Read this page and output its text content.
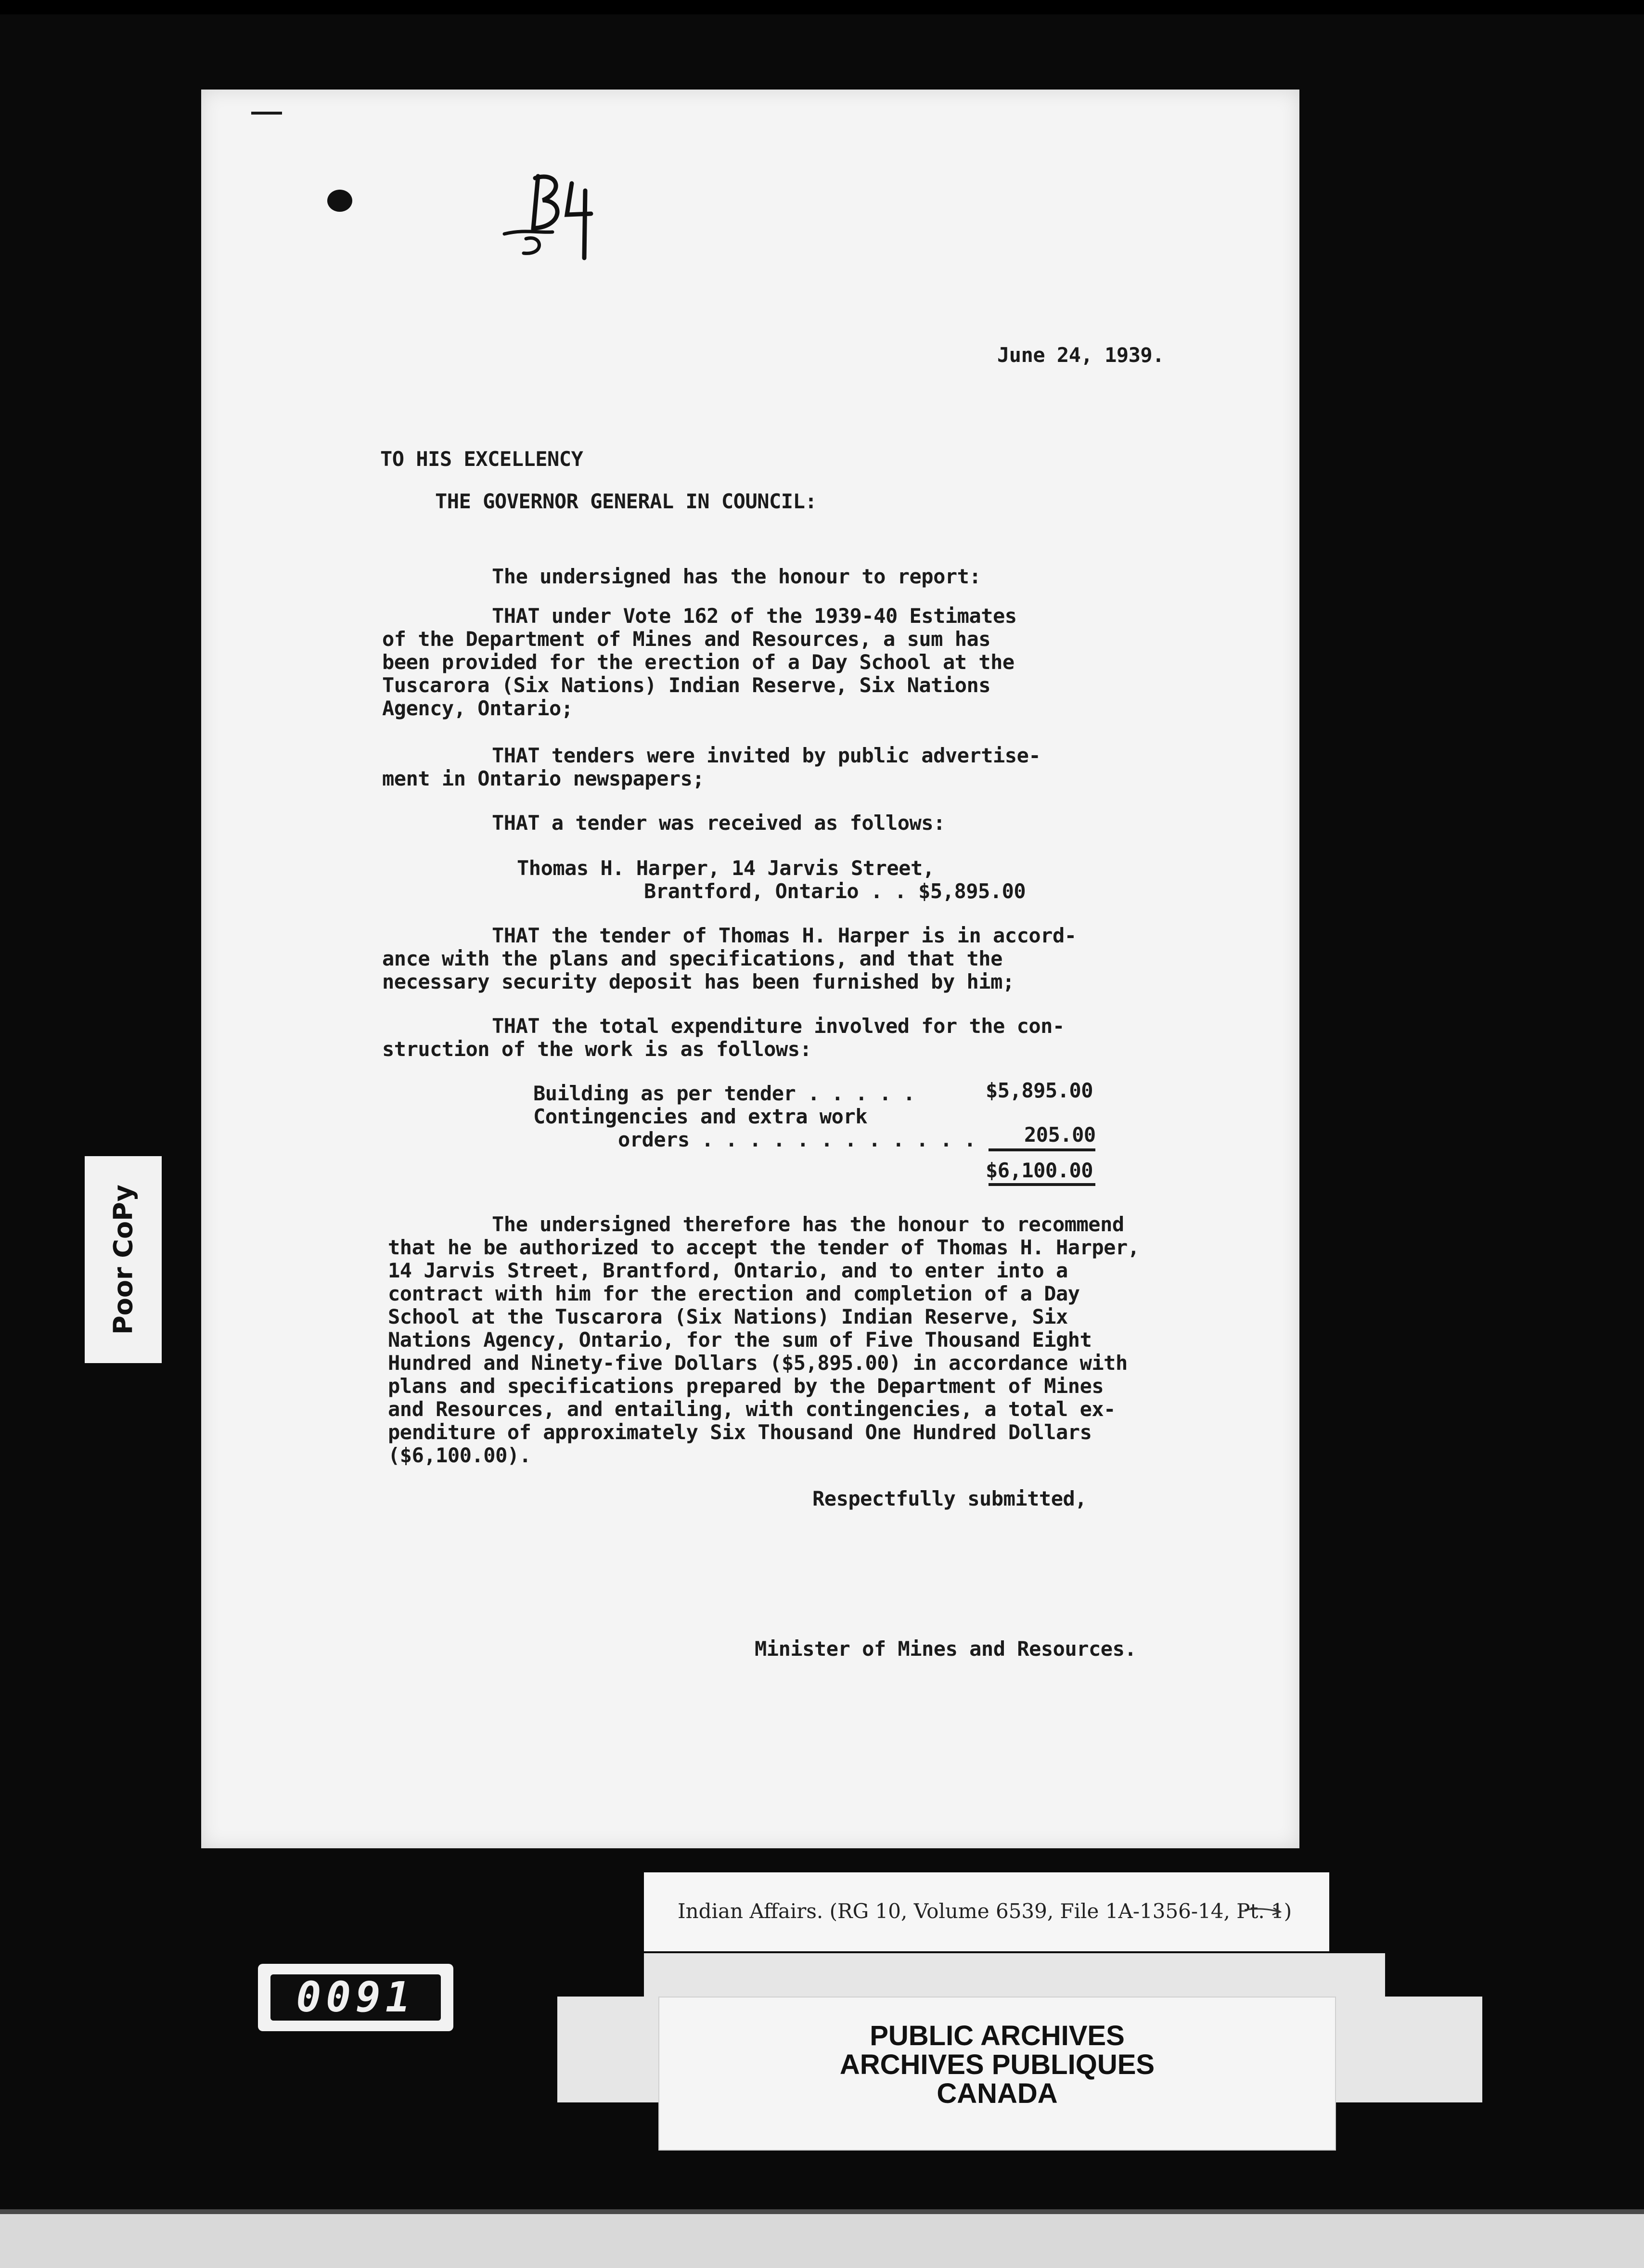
June 24, 1939.

TO HIS EXCELLENCY

THE GOVERNOR GENERAL IN COUNCIL:

The undersigned has the honour to report:

THAT under Vote 162 of the 1939-40 Estimates

of the Department of Mines and Resources, a sum has

been provided for the erection of a Day School at the

Tuscarora (Six Nations) Indian Reserve, Six Nations

Agency, Ontario;

THAT tenders were invited by public advertise-

ment in Ontario newspapers;

THAT a tender was received as follows:

Thomas H. Harper, 14 Jarvis Street,

Brantford, Ontario . . $5,895.00

THAT the tender of Thomas H. Harper is in accord-

ance with the plans and specifications, and that the

necessary security deposit has been furnished by him;

THAT the total expenditure involved for the con-

struction of the work is as follows:

Building as per tender . . . . .	$5,895.00

Contingencies and extra work

orders . . . . . . . . . . . . 205.00

$6,100.00

The undersigned therefore has the honour to recommend

that he be authorized to accept the tender of Thomas H. Harper,

14 Jarvis Street, Brantford, Ontario, and to enter into a

contract with him for the erection and completion of a Day

School at the Tuscarora (Six Nations) Indian Reserve, Six

Nations Agency, Ontario, for the sum of Five Thousand Eight

Hundred and Ninety-five Dollars ($5,895.00) in accordance with

plans and specifications prepared by the Department of Mines

and Resources, and entailing, with contingencies, a total ex-

penditure of approximately Six Thousand One Hundred Dollars

($6,100.00).

Respectfully submitted,

Minister of Mines and Resources.

Poor CoPy
0091
Indian Affairs. (RG 10, Volume 6539, File 1A-1356-14, Pt. 1)
PUBLIC ARCHIVES
ARCHIVES PUBLIQUES
CANADA
